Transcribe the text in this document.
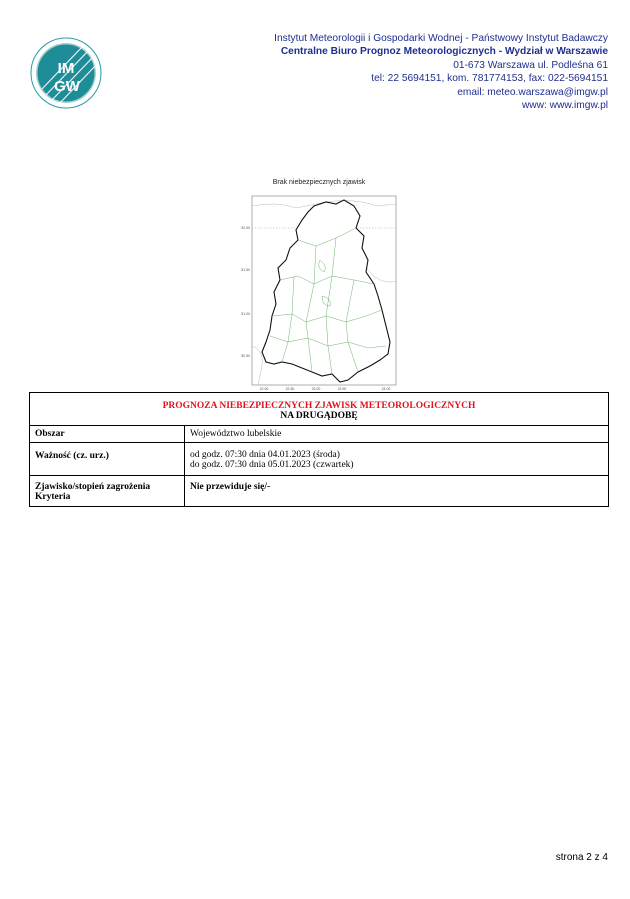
IM
GW
Instytut Meteorologii i Gospodarki Wodnej - Państwowy Instytut Badawczy
Centralne Biuro Prognoz Meteorologicznych - Wydział w Warszawie
01-673 Warszawa ul. Podleśna 61
tel: 22 5694151, kom. 781774153, fax: 022-5694151
email: meteo.warszawa@imgw.pl
www: www.imgw.pl
Brak niebezpiecznych zjawisk
52.00
51.50
51.00
50.50
22.00	22.50	23.00	23.50	24.00
PROGNOZA NIEBEZPIECZNYCH ZJAWISK METEOROLOGICZNYCH
NA DRUGĄDOBĘ	

Obszar	Województwo lubelskie
Ważność (cz. urz.)	od godz. 07:30 dnia 04.01.2023 (środa)
do godz. 07:30 dnia 05.01.2023 (czwartek)

Zjawisko/stopień zagrożenia
Kryteria	Nie przewiduje się/-
strona 2 z 4
